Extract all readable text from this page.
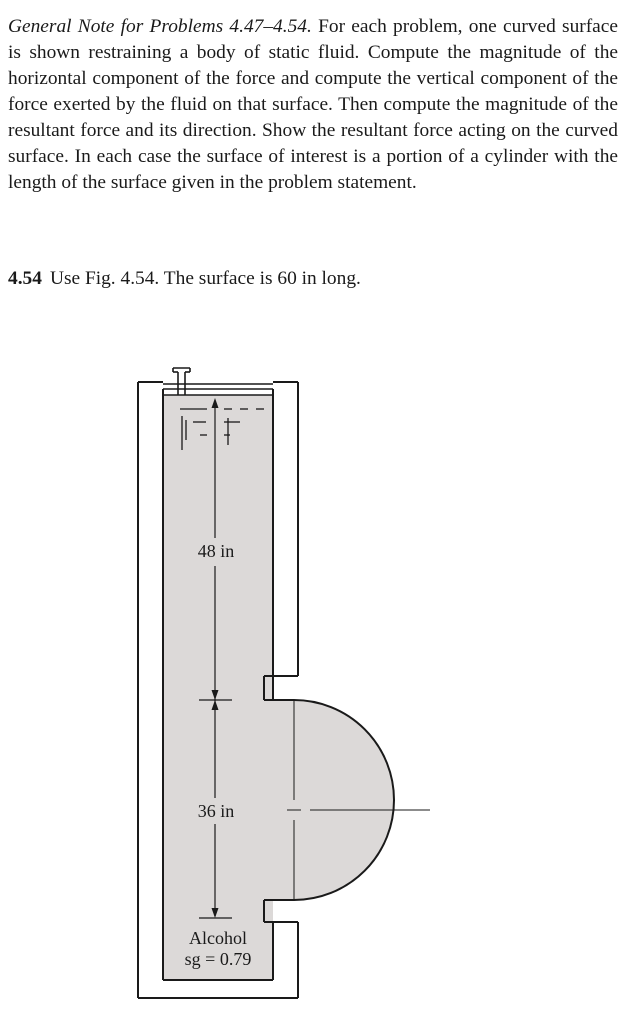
General Note for Problems 4.47–4.54. For each problem, one curved surface is shown restraining a body of static fluid. Compute the magnitude of the horizontal component of the force and compute the vertical component of the force exerted by the fluid on that surface. Then compute the magnitude of the resultant force and its direction. Show the resultant force acting on the curved surface. In each case the surface of interest is a portion of a cylinder with the length of the surface given in the problem statement.

4.54 Use Fig. 4.54. The surface is 60 in long.

48 in
36 in
Alcohol
sg = 0.79
